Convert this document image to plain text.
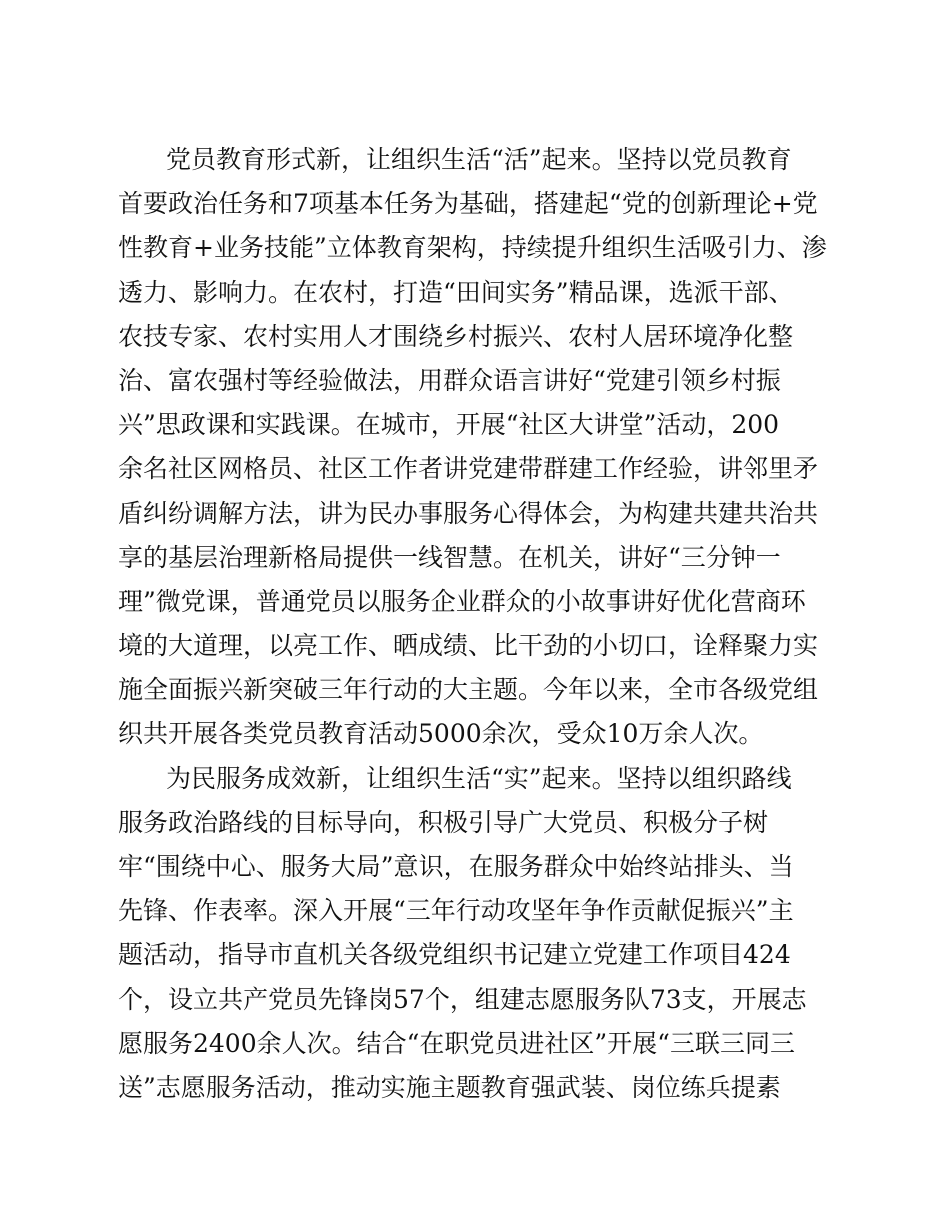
党员教育形式新，让组织生活“活”起来。坚持以党员教育
首要政治任务和7项基本任务为基础，搭建起“党的创新理论+党
性教育+业务技能”立体教育架构，持续提升组织生活吸引力、渗
透力、影响力。在农村，打造“田间实务”精品课，选派干部、
农技专家、农村实用人才围绕乡村振兴、农村人居环境净化整
治、富农强村等经验做法，用群众语言讲好“党建引领乡村振
兴”思政课和实践课。在城市，开展“社区大讲堂”活动，200
余名社区网格员、社区工作者讲党建带群建工作经验，讲邻里矛
盾纠纷调解方法，讲为民办事服务心得体会，为构建共建共治共
享的基层治理新格局提供一线智慧。在机关，讲好“三分钟一
理”微党课，普通党员以服务企业群众的小故事讲好优化营商环
境的大道理，以亮工作、晒成绩、比干劲的小切口，诠释聚力实
施全面振兴新突破三年行动的大主题。今年以来，全市各级党组
织共开展各类党员教育活动5000余次，受众10万余人次。
为民服务成效新，让组织生活“实”起来。坚持以组织路线
服务政治路线的目标导向，积极引导广大党员、积极分子树
牢“围绕中心、服务大局”意识，在服务群众中始终站排头、当
先锋、作表率。深入开展“三年行动攻坚年争作贡献促振兴”主
题活动，指导市直机关各级党组织书记建立党建工作项目424
个，设立共产党员先锋岗57个，组建志愿服务队73支，开展志
愿服务2400余人次。结合“在职党员进社区”开展“三联三同三
送”志愿服务活动，推动实施主题教育强武装、岗位练兵提素
